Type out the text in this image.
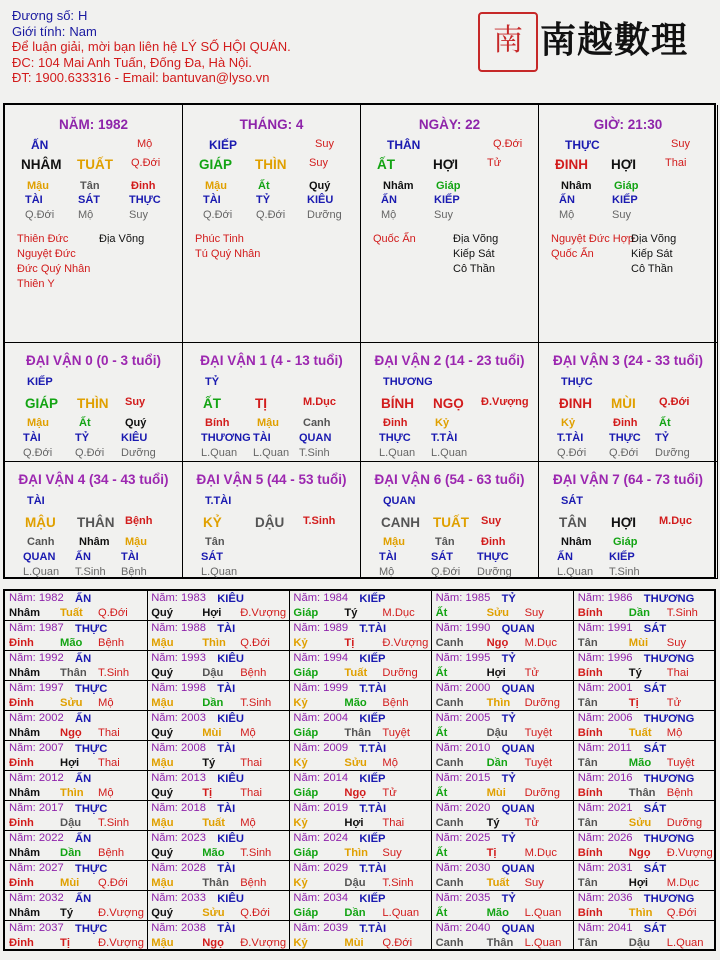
Đương số: H
Giới tính: Nam
Để luận giải, mời bạn liên hệ LÝ SỐ HỘI QUÁN.
ĐC: 104 Mai Anh Tuấn, Đống Đa, Hà Nội.
ĐT: 1900.633316 - Email: bantuvan@lyso.vn
南 南越數理
NĂM: 1982
ẤN	Mộ
NHÂM TUẤT Q.Đới
Mậu
TÀI
Q.Đới
Tân
SÁT
Mộ
Đinh
THỰC
Suy
Thiên Đức
Nguyệt Đức
Đức Quý Nhân
Thiên Y
Địa Võng
THÁNG: 4
KIẾP	Suy
GIÁP THÌN Suy
Mậu
TÀI
Q.Đới
Ất
TỶ
Q.Đới
Quý
KIÊU
Dưỡng
Phúc Tinh
Tú Quý Nhân
NGÀY: 22
THÂN	Q.Đới
ẤT	HỢI	Tử
Nhâm
ẤN
Mộ
Giáp
KIẾP
Suy
Quốc Ấn	Địa Võng
Kiếp Sát
Cô Thần
GIỜ: 21:30
THỰC	Suy
ĐINH HỢI	Thai
Nhâm
ẤN
Mộ
Giáp
KIẾP
Suy
Nguyệt Đức Hợp
Quốc Ấn
Địa Võng
Kiếp Sát
Cô Thần
ĐẠI VẬN 0 (0 - 3 tuổi)
KIẾP
GIÁP THÌN Suy
Mậu
TÀI
Q.Đới
Ất
TỶ
Q.Đới
Quý
KIÊU
Dưỡng
ĐẠI VẬN 1 (4 - 13 tuổi)
TỶ
ẤT	TỊ	M.Dục
Bính
THƯƠNG
L.Quan
Mậu
TÀI
L.Quan
Canh
QUAN
T.Sinh
ĐẠI VẬN 2 (14 - 23 tuổi)
THƯƠNG
BÍNH NGỌ Đ.Vượng
Đinh
THỰC
L.Quan
Kỷ
T.TÀI
L.Quan
ĐẠI VẬN 3 (24 - 33 tuổi)
THỰC
ĐINH MÙI Q.Đới
Kỷ
T.TÀI
Q.Đới
Đinh
THỰC
Q.Đới
Ất
TỶ
Dưỡng
ĐẠI VẬN 4 (34 - 43 tuổi)
TÀI
MẬU THÂN Bệnh
Canh
QUAN
L.Quan
Nhâm
ẤN
T.Sinh
Mậu
TÀI
Bệnh
ĐẠI VẬN 5 (44 - 53 tuổi)
T.TÀI
KỶ DẬU T.Sinh
Tân
SÁT
L.Quan
ĐẠI VẬN 6 (54 - 63 tuổi)
QUAN
CANH TUẤT Suy
Mậu
TÀI
Mộ
Tân
SÁT
Q.Đới
Đinh
THỰC
Dưỡng
ĐẠI VẬN 7 (64 - 73 tuổi)
SÁT
TÂN HỢI M.Dục
Nhâm
ẤN
L.Quan
Giáp
KIẾP
T.Sinh
Năm: 1982 ẤN
Nhâm Tuất Q.Đới
Năm: 1983 KIÊU
Quý	Hợi Đ.Vượng
Năm: 1984 KIẾP
Giáp Tý M.Dục
Năm: 1985 TỶ
Ất	Sửu Suy
Năm: 1986 THƯƠNG
Bính Dần T.Sinh
Năm: 1987 THỰC
Đinh Mão Bệnh
Năm: 1988 TÀI
Mậu	Thìn Q.Đới
Năm: 1989 T.TÀI
Kỷ	Tị	Đ.Vượng
Năm: 1990 QUAN
Canh Ngọ M.Dục
Năm: 1991 SÁT
Tân	Mùi Suy
Năm: 1992 ẤN
Nhâm Thân T.Sinh
Năm: 1993 KIÊU
Quý	Dậu Bệnh
Năm: 1994 KIẾP
Giáp Tuất Dưỡng
Năm: 1995 TỶ
Ất	Hợi Tử
Năm: 1996 THƯƠNG
Bính Tý Thai
Năm: 1997 THỰC
Đinh Sửu Mộ
Năm: 1998 TÀI
Mậu	Dần T.Sinh
Năm: 1999 T.TÀI
Kỷ	Mão Bệnh
Năm: 2000 QUAN
Canh Thìn Dưỡng
Năm: 2001 SÁT
Tân	Tị	Tử
Năm: 2002 ẤN
Nhâm Ngọ Thai
Năm: 2003 KIÊU
Quý	Mùi Mộ
Năm: 2004 KIẾP
Giáp Thân Tuyệt
Năm: 2005 TỶ
Ất	Dậu Tuyệt
Năm: 2006 THƯƠNG
Bính Tuất Mộ
Năm: 2007 THỰC
Đinh Hợi Thai
Năm: 2008 TÀI
Mậu	Tý Thai
Năm: 2009 T.TÀI
Kỷ	Sửu Mộ
Năm: 2010 QUAN
Canh Dần Tuyệt
Năm: 2011 SÁT
Tân	Mão Tuyệt
Năm: 2012 ẤN
Nhâm Thìn Mộ
Năm: 2013 KIÊU
Quý	Tị	Thai
Năm: 2014 KIẾP
Giáp Ngọ Tử
Năm: 2015 TỶ
Ất	Mùi Dưỡng
Năm: 2016 THƯƠNG
Bính Thân Bệnh
Năm: 2017 THỰC
Đinh Dậu T.Sinh
Năm: 2018 TÀI
Mậu	Tuất Mộ
Năm: 2019 T.TÀI
Kỷ	Hợi Thai
Năm: 2020 QUAN
Canh Tý Tử
Năm: 2021 SÁT
Tân	Sửu Dưỡng
Năm: 2022 ẤN
Nhâm Dần Bệnh
Năm: 2023 KIÊU
Quý	Mão T.Sinh
Năm: 2024 KIẾP
Giáp Thìn Suy
Năm: 2025 TỶ
Ất	Tị	M.Dục
Năm: 2026 THƯƠNG
Bính Ngọ Đ.Vượng
Năm: 2027 THỰC
Đinh Mùi Q.Đới
Năm: 2028 TÀI
Mậu	Thân Bệnh
Năm: 2029 T.TÀI
Kỷ	Dậu T.Sinh
Năm: 2030 QUAN
Canh Tuất Suy
Năm: 2031 SÁT
Tân	Hợi M.Dục
Năm: 2032 ẤN
Nhâm Tý Đ.Vượng
Năm: 2033 KIÊU
Quý	Sửu Q.Đới
Năm: 2034 KIẾP
Giáp Dần L.Quan
Năm: 2035 TỶ
Ất	Mão L.Quan
Năm: 2036 THƯƠNG
Bính Thìn Q.Đới
Năm: 2037 THỰC
Đinh Tị	Đ.Vượng
Năm: 2038 TÀI
Mậu	Ngọ Đ.Vượng
Năm: 2039 T.TÀI
Kỷ	Mùi Q.Đới
Năm: 2040 QUAN
Canh Thân L.Quan
Năm: 2041 SÁT
Tân	Dậu L.Quan
